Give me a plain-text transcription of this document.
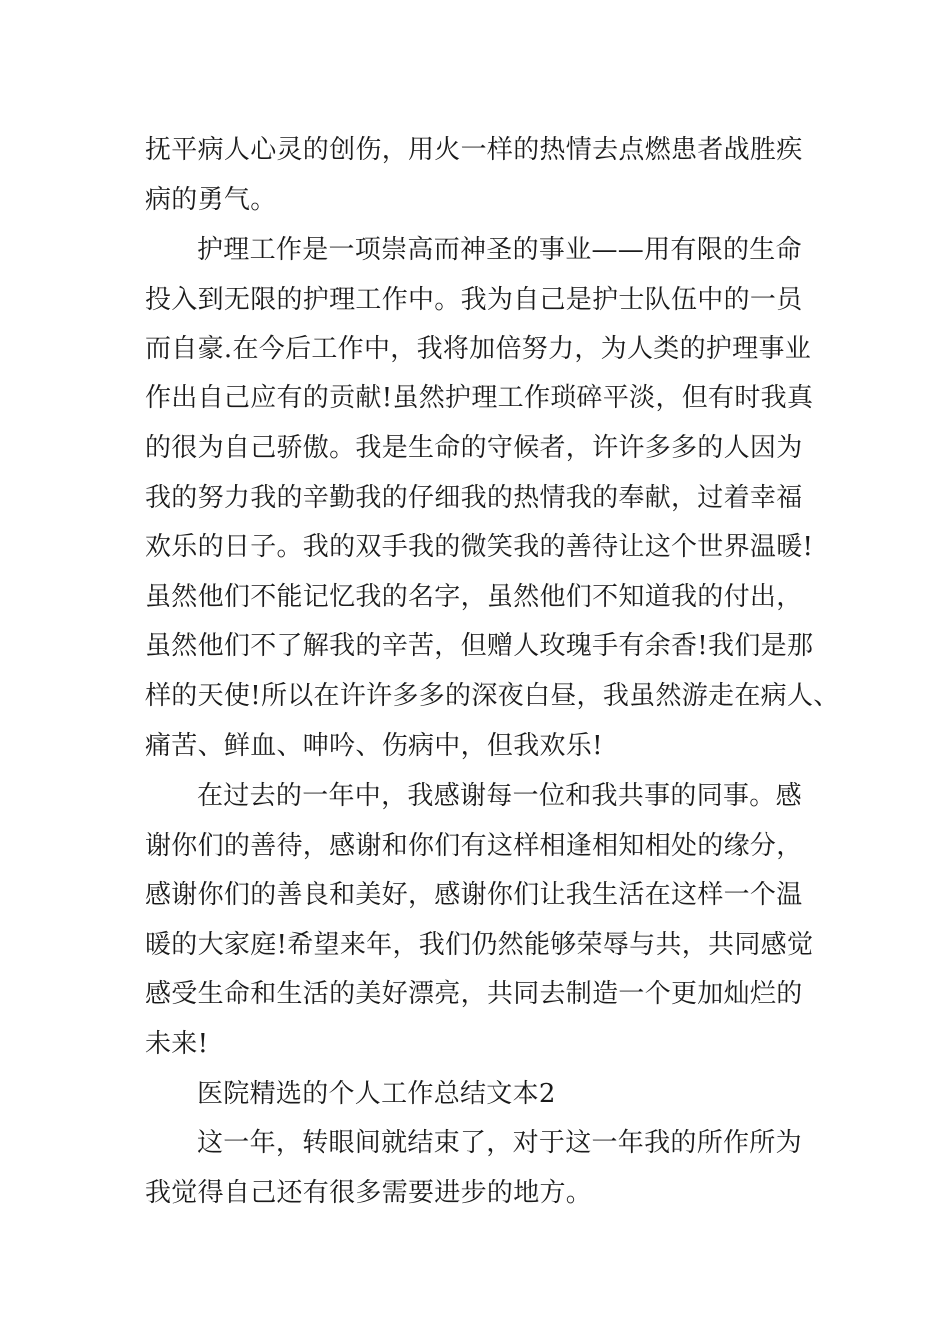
抚平病人心灵的创伤，用火一样的热情去点燃患者战胜疾
病的勇气。
护理工作是一项崇高而神圣的事业——用有限的生命
投入到无限的护理工作中。我为自己是护士队伍中的一员
而自豪.在今后工作中，我将加倍努力，为人类的护理事业
作出自己应有的贡献!虽然护理工作琐碎平淡，但有时我真
的很为自己骄傲。我是生命的守候者，许许多多的人因为
我的努力我的辛勤我的仔细我的热情我的奉献，过着幸福
欢乐的日子。我的双手我的微笑我的善待让这个世界温暖!
虽然他们不能记忆我的名字，虽然他们不知道我的付出，
虽然他们不了解我的辛苦，但赠人玫瑰手有余香!我们是那
样的天使!所以在许许多多的深夜白昼，我虽然游走在病人、
痛苦、鲜血、呻吟、伤病中，但我欢乐!
在过去的一年中，我感谢每一位和我共事的同事。感
谢你们的善待，感谢和你们有这样相逢相知相处的缘分，
感谢你们的善良和美好，感谢你们让我生活在这样一个温
暖的大家庭!希望来年，我们仍然能够荣辱与共，共同感觉
感受生命和生活的美好漂亮，共同去制造一个更加灿烂的
未来!
医院精选的个人工作总结文本2
这一年，转眼间就结束了，对于这一年我的所作所为
我觉得自己还有很多需要进步的地方。
